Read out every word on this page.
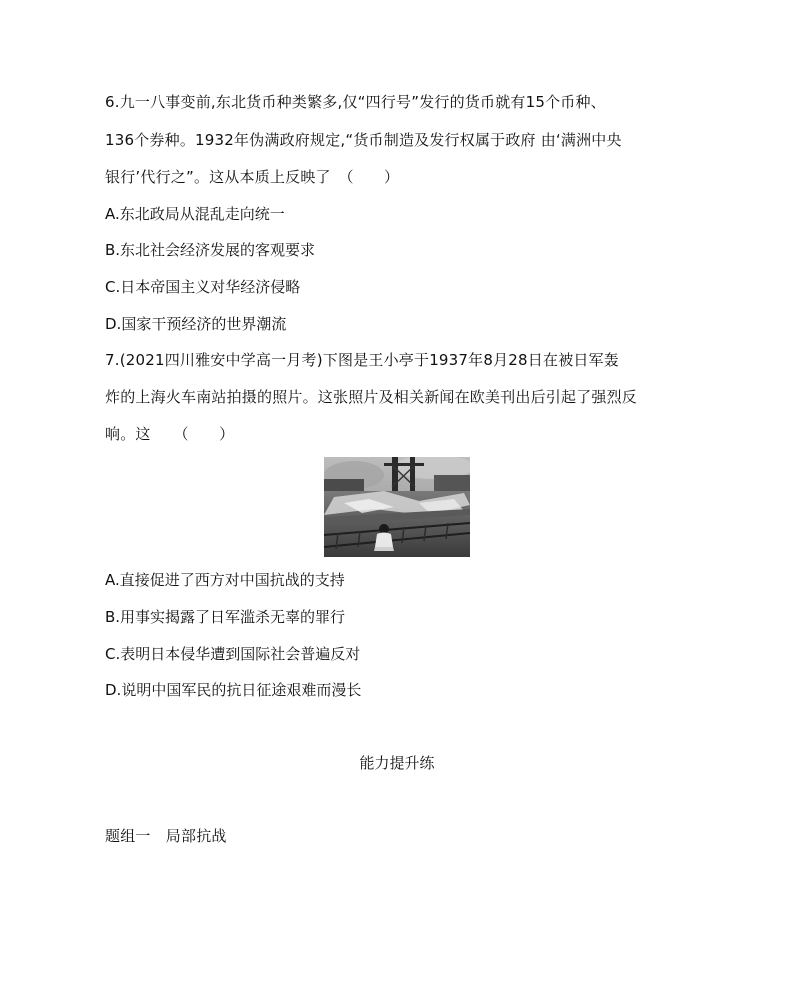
6.九一八事变前,东北货币种类繁多,仅“四行号”发行的货币就有15个币种、
136个券种。1932年伪满政府规定,“货币制造及发行权属于政府 由‘满洲中央
银行’代行之”。这从本质上反映了　（　　）
A.东北政局从混乱走向统一
B.东北社会经济发展的客观要求
C.日本帝国主义对华经济侵略
D.国家干预经济的世界潮流
7.(2021四川雅安中学高一月考)下图是王小亭于1937年8月28日在被日军轰
炸的上海火车南站拍摄的照片。这张照片及相关新闻在欧美刊出后引起了强烈反
响。这　　（　　）
A.直接促进了西方对中国抗战的支持
B.用事实揭露了日军滥杀无辜的罪行
C.表明日本侵华遭到国际社会普遍反对
D.说明中国军民的抗日征途艰难而漫长
能力提升练
题组一　局部抗战
